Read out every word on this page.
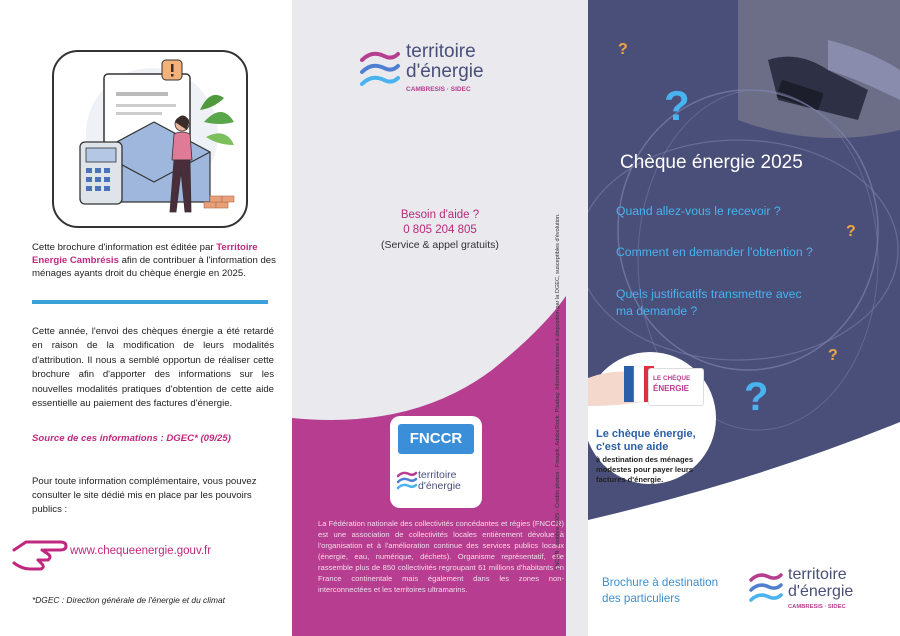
Cette brochure d'information est éditée par Territoire Energie Cambrésis afin de contribuer à l'information des ménages ayants droit du chèque énergie en 2025.
Cette année, l'envoi des chèques énergie a été retardé en raison de la modification de leurs modalités d'attribution. Il nous a semblé opportun de réaliser cette brochure afin d'apporter des informations sur les nouvelles modalités pratiques d'obtention de cette aide essentielle au paiement des factures d'énergie.
Source de ces informations : DGEC* (09/25)
Pour toute information complémentaire, vous pouvez consulter le site dédié mis en place par les pouvoirs publics :
www.chequeenergie.gouv.fr
*DGEC : Direction générale de l'énergie et du climat
territoire
d'énergie
CAMBRESIS · SIDEC
Besoin d'aide ?
0 805 204 805
(Service & appel gratuits)
FNCCR
territoire
d'énergie
La Fédération nationale des collectivités concédantes et régies (FNCCR) est une association de collectivités locales entièrement dévolue à l'organisation et à l'amélioration continue des services publics locaux (énergie, eau, numérique, déchets). Organisme représentatif, elle rassemble plus de 850 collectivités regroupant 61 millions d'habitants en France continentale mais également dans les zones non-interconnectées et les territoires ultramarins.
FNCCR - octobre 2025 - Crédits photos : Freepik, AdobeStock, Pixabay. Informations mises à disposition par la DGEC, susceptibles d'évolution.
?
?
?
?
?
Chèque énergie 2025
Quand allez-vous le recevoir ?
Comment en demander l'obtention ?
Quels justificatifs transmettre avec ma demande ?
LE CHÈQUE
ÉNERGIE
Le chèque énergie, c'est une aide
à destination des ménages modestes pour payer leurs factures d'énergie.
Brochure à destination
des particuliers
territoire
d'énergie
CAMBRESIS · SIDEC
